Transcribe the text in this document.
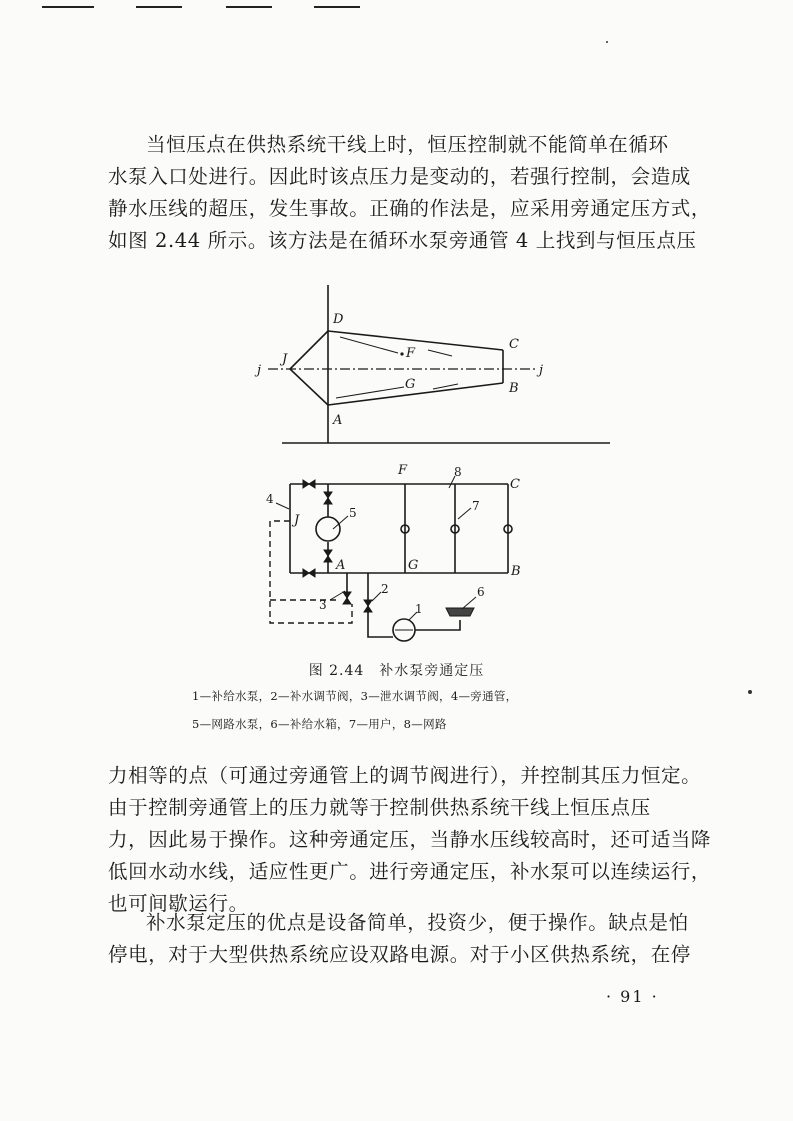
当恒压点在供热系统干线上时，恒压控制就不能简单在循环
水泵入口处进行。因此时该点压力是变动的，若强行控制，会造成
静水压线的超压，发生事故。正确的作法是，应采用旁通定压方式，
如图 2.44 所示。该方法是在循环水泵旁通管 4 上找到与恒压点压
D
C
F
G
A
B
J
j	j
F
C
J
A	G	B
1
2
3
4
5
6
7
8
图 2.44　补水泵旁通定压
1—补给水泵，2—补水调节阀，3—泄水调节阀，4—旁通管，
5—网路水泵，6—补给水箱，7—用户，8—网路
力相等的点（可通过旁通管上的调节阀进行），并控制其压力恒定。
由于控制旁通管上的压力就等于控制供热系统干线上恒压点压
力，因此易于操作。这种旁通定压，当静水压线较高时，还可适当降
低回水动水线，适应性更广。进行旁通定压，补水泵可以连续运行，
也可间歇运行。
补水泵定压的优点是设备简单，投资少，便于操作。缺点是怕
停电，对于大型供热系统应设双路电源。对于小区供热系统，在停
· 91 ·
